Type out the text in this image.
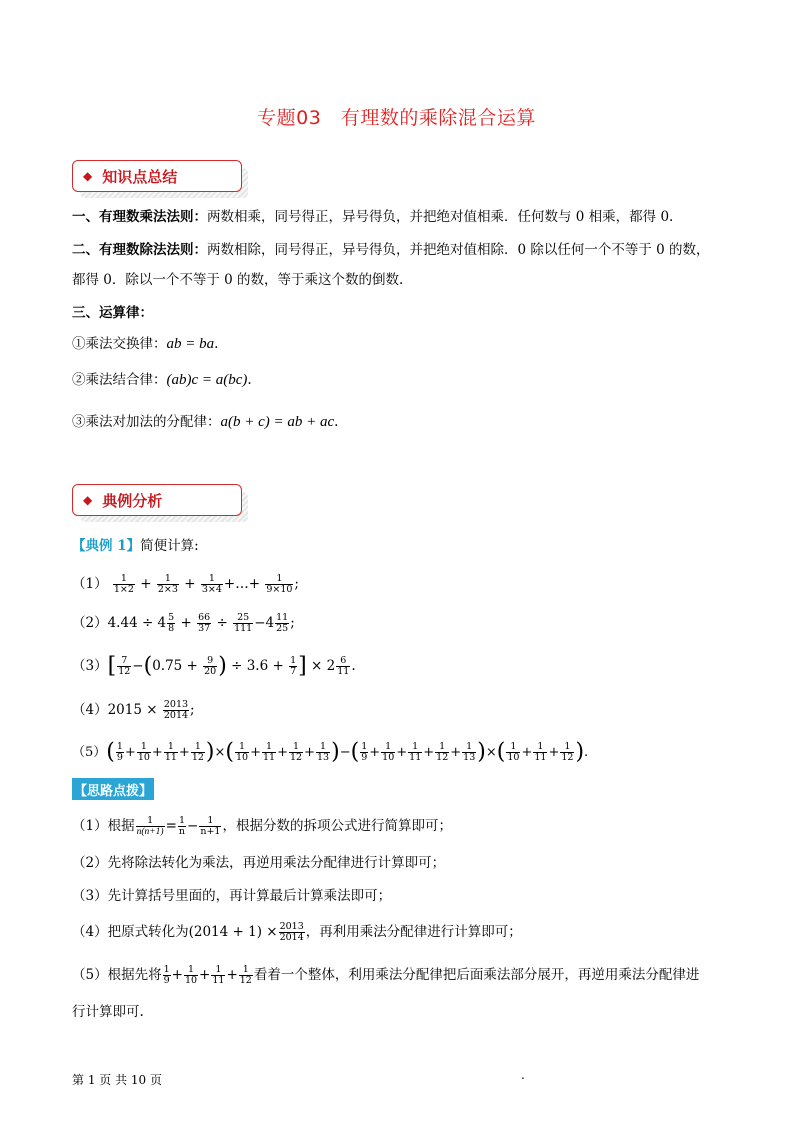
专题03　有理数的乘除混合运算
◆ 知识点总结
一、有理数乘法法则：两数相乘，同号得正，异号得负，并把绝对值相乘．任何数与 0 相乘，都得 0.
二、有理数除法法则：两数相除，同号得正，异号得负，并把绝对值相除．0 除以任何一个不等于 0 的数，
都得 0．除以一个不等于 0 的数，等于乘这个数的倒数.
三、运算律：
①乘法交换律：ab = ba.
②乘法结合律：(ab)c = a(bc).
③乘法对加法的分配律：a(b + c) = ab + ac.
◆ 典例分析
【典例 1】简便计算:
$(1) \frac{1}{1\times 2} + \frac{1}{2\times 3} + \frac{1}{3\times 4}$ +…+ $\frac{1}{9\times 10}$ ;
$(2)4.44 \div 4 \frac{5}{8} + \frac{66}{37} \div \frac{25}{111} -4 \frac{11}{25}$ ;
$(3)[ \frac{7}{12} -(0.75 + \frac{9}{20}$ ) ÷ $3.6 + \frac{1}{7}$ ] × $2 \frac{6}{11}$ .
$(4)2015 \times \frac{2013}{2014}$ ;
$(5)( \frac{1}{9} + \frac{1}{10} + \frac{1}{11} + \frac{1}{12}$ )×( $\frac{1}{10} + \frac{1}{11} + \frac{1}{12} + \frac{1}{13}$ )−( $\frac{1}{9} + \frac{1}{10} + \frac{1}{11} + \frac{1}{12} + \frac{1}{13}$ )×( $\frac{1}{10} + \frac{1}{11} + \frac{1}{12}$ ).
【思路点拨】
（1）根据 $\frac{1}{n(n+1)} = \frac{1}{n} - \frac{1}{n+1}$ ，根据分数的拆项公式进行简算即可；
（2）先将除法转化为乘法，再逆用乘法分配律进行计算即可；
（3）先计算括号里面的，再计算最后计算乘法即可；
（4）把原式转化为$(2014 + 1) \times \frac{2013}{2014}$ ，再利用乘法分配律进行计算即可；
（5）根据先将 $\frac{1}{9} + \frac{1}{10} + \frac{1}{11} + \frac{1}{12}$ 看着一个整体，利用乘法分配律把后面乘法部分展开，再逆用乘法分配律进
行计算即可.
第 1 页 共 10 页	.
